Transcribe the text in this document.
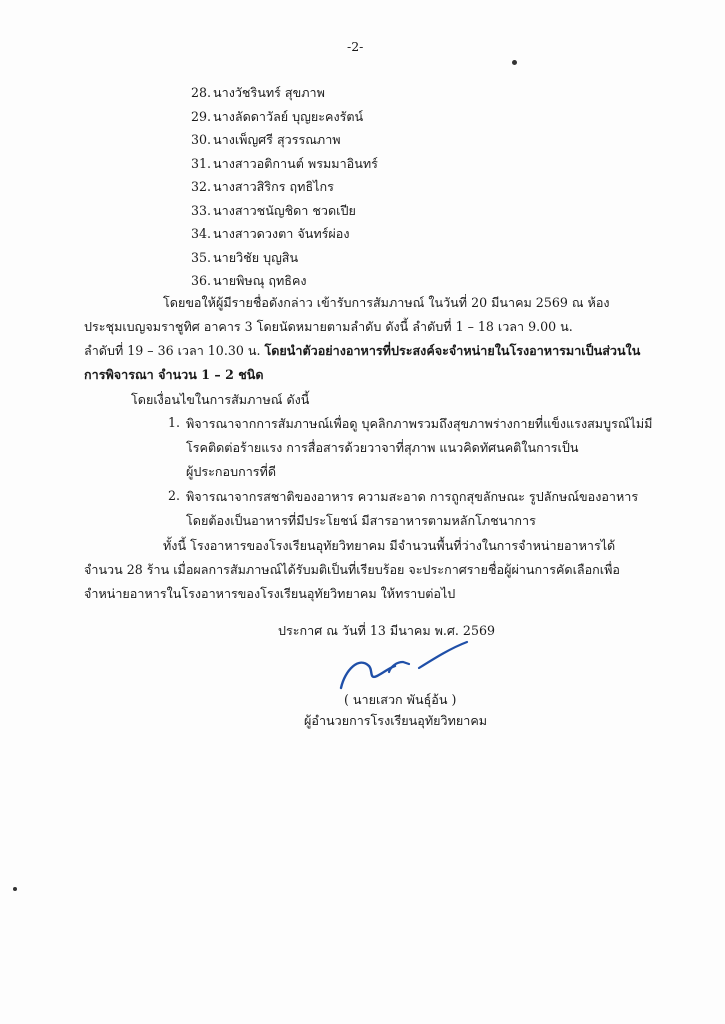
-2-
28. นางวัชรินทร์ สุขภาพ
29. นางลัดดาวัลย์ บุญยะคงรัตน์
30. นางเพ็ญศรี สุวรรณภาพ
31. นางสาวอติกานต์ พรมมาอินทร์
32. นางสาวสิริกร ฤทธิไกร
33. นางสาวชนัญชิดา ชวดเปีย
34. นางสาวดวงตา จันทร์ผ่อง
35. นายวิชัย บุญสิน
36. นายพิษณุ ฤทธิคง
โดยขอให้ผู้มีรายชื่อดังกล่าว เข้ารับการสัมภาษณ์ ในวันที่ 20 มีนาคม 2569 ณ ห้อง
ประชุมเบญจมราชูทิศ อาคาร 3 โดยนัดหมายตามลำดับ ดังนี้ ลำดับที่ 1 – 18 เวลา 9.00 น.
ลำดับที่ 19 – 36 เวลา 10.30 น. โดยนำตัวอย่างอาหารที่ประสงค์จะจำหน่ายในโรงอาหารมาเป็นส่วนใน
การพิจารณา จำนวน 1 – 2 ชนิด
โดยเงื่อนไขในการสัมภาษณ์ ดังนี้
1. พิจารณาจากการสัมภาษณ์เพื่อดู บุคลิกภาพรวมถึงสุขภาพร่างกายที่แข็งแรงสมบูรณ์ไม่มี
โรคติดต่อร้ายแรง การสื่อสารด้วยวาจาที่สุภาพ แนวคิดทัศนคติในการเป็น
ผู้ประกอบการที่ดี
2. พิจารณาจากรสชาติของอาหาร ความสะอาด การถูกสุขลักษณะ รูปลักษณ์ของอาหาร
โดยต้องเป็นอาหารที่มีประโยชน์ มีสารอาหารตามหลักโภชนาการ
ทั้งนี้ โรงอาหารของโรงเรียนอุทัยวิทยาคม มีจำนวนพื้นที่ว่างในการจำหน่ายอาหารได้
จำนวน 28 ร้าน เมื่อผลการสัมภาษณ์ได้รับมติเป็นที่เรียบร้อย จะประกาศรายชื่อผู้ผ่านการคัดเลือกเพื่อ
จำหน่ายอาหารในโรงอาหารของโรงเรียนอุทัยวิทยาคม ให้ทราบต่อไป
ประกาศ ณ วันที่ 13 มีนาคม พ.ศ. 2569
( นายเสวก พันธุ์อ้น )
ผู้อำนวยการโรงเรียนอุทัยวิทยาคม
